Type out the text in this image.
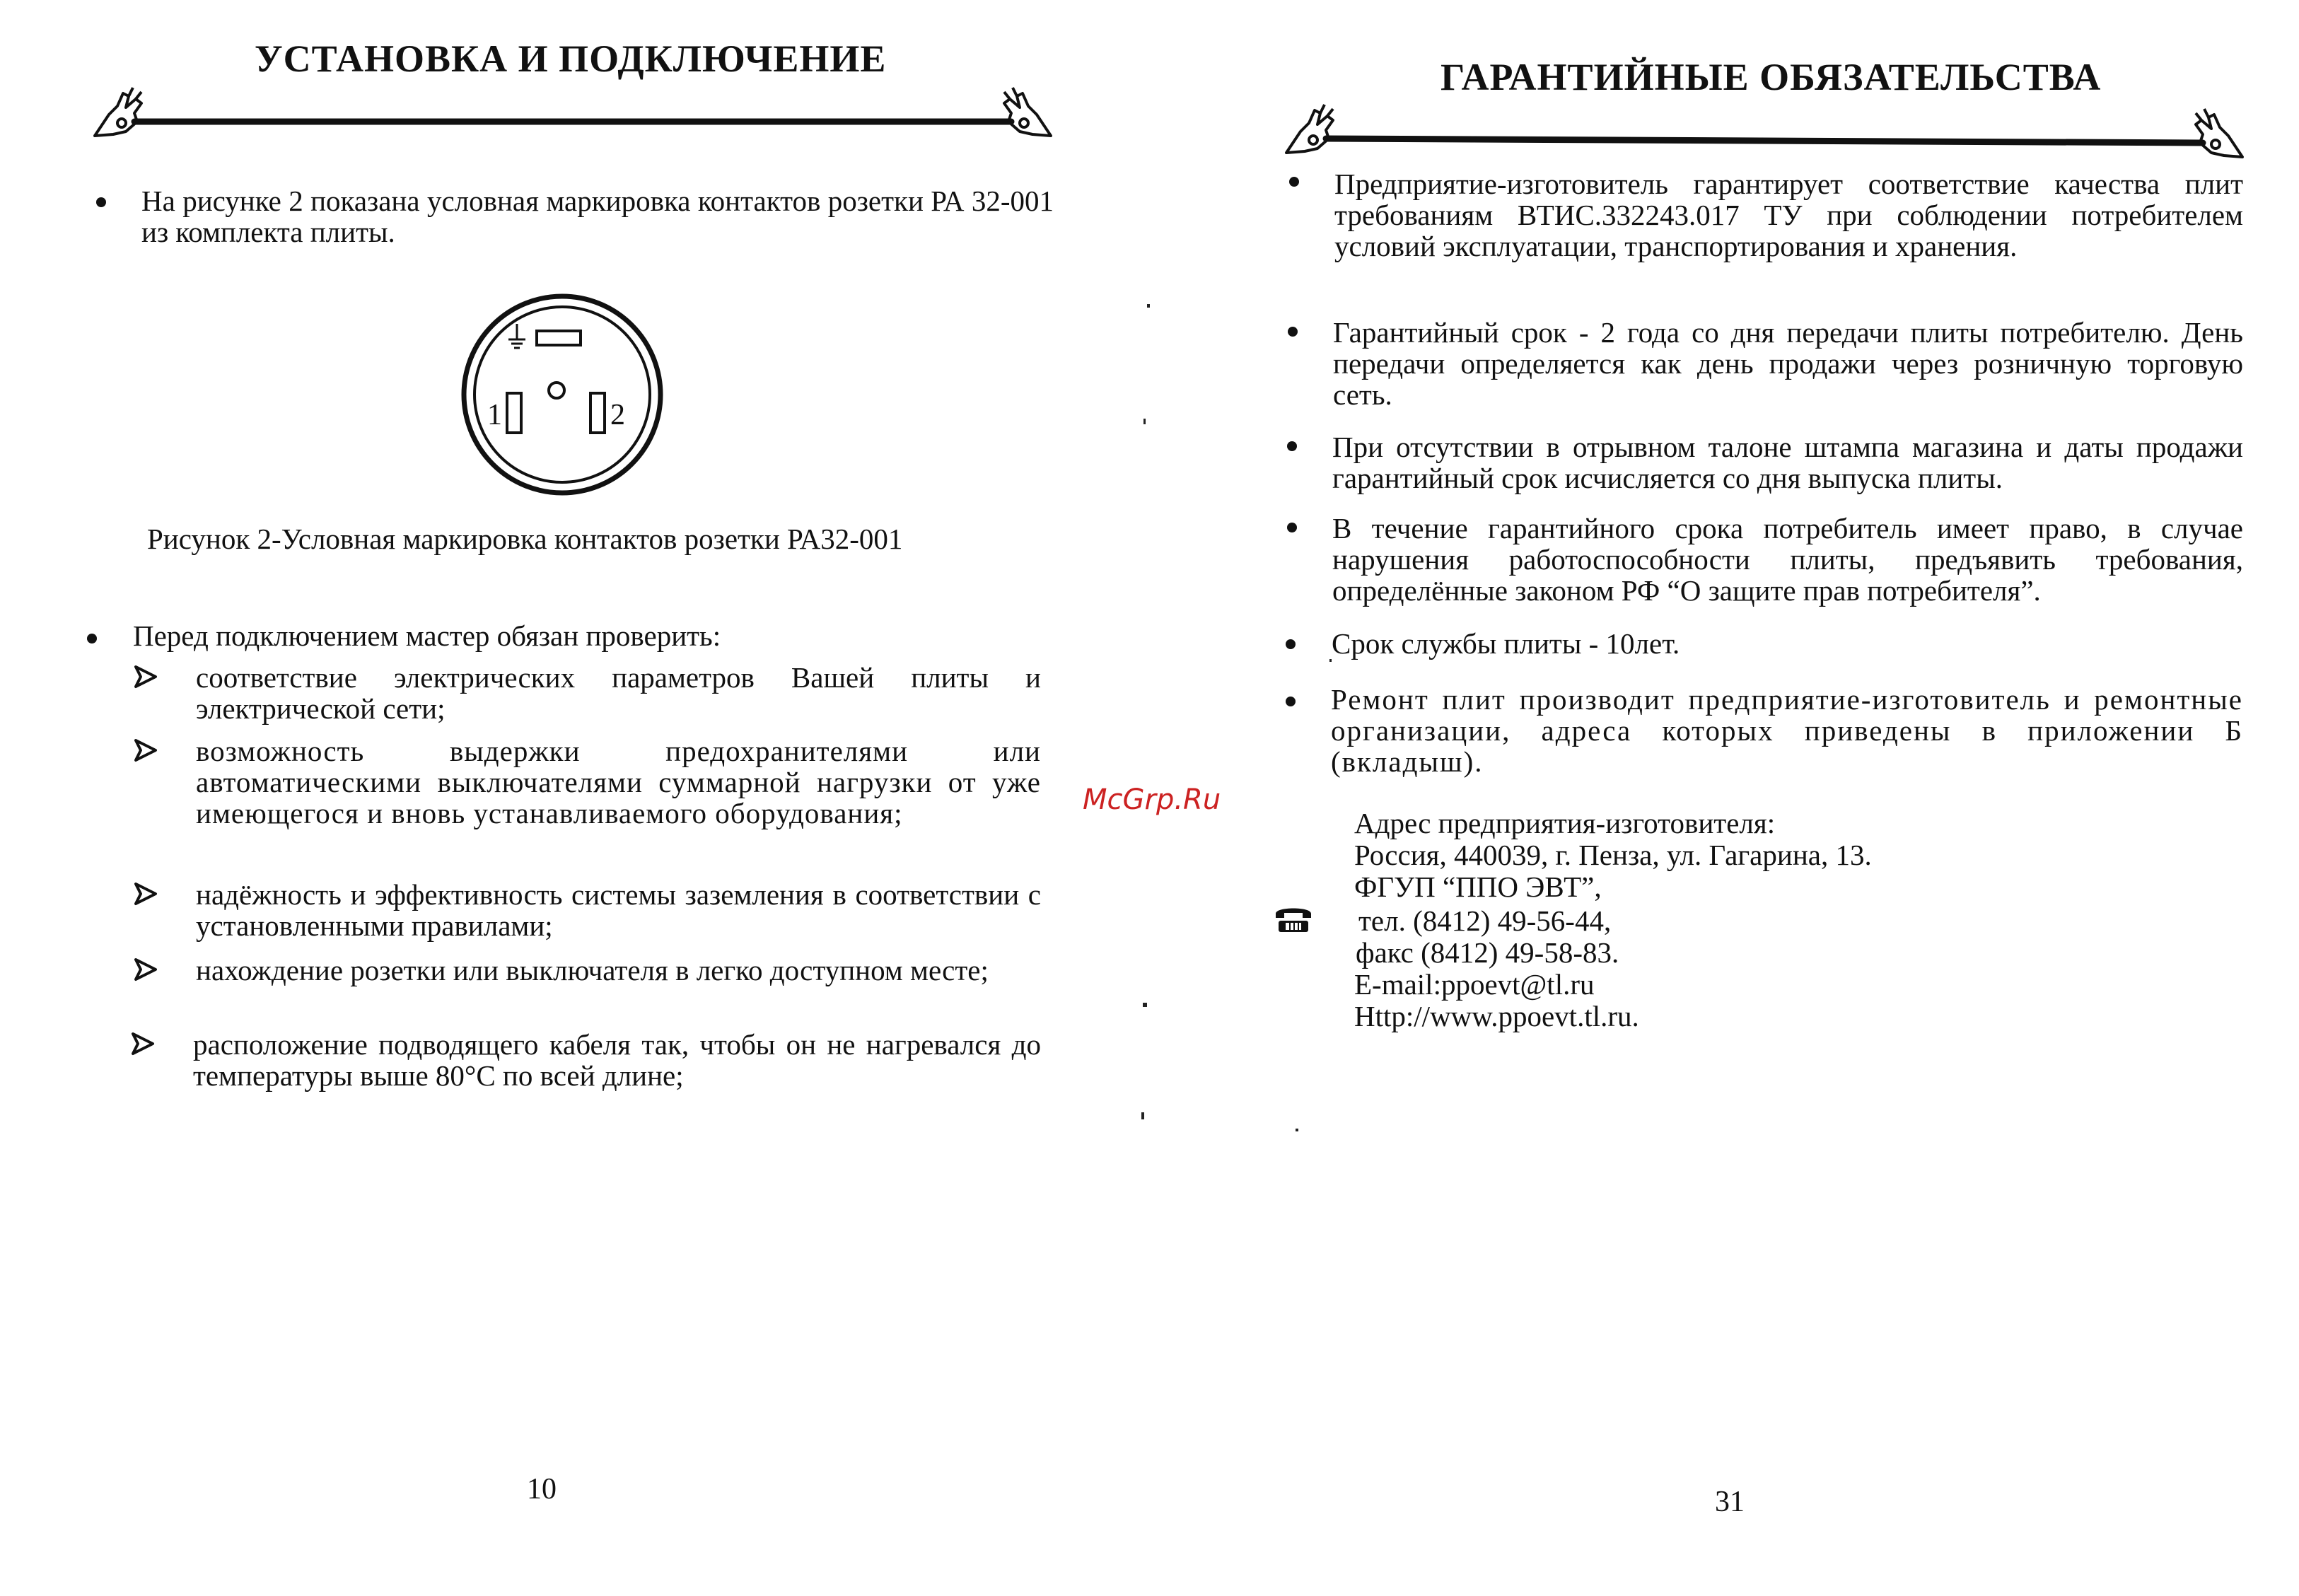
УСТАНОВКА И ПОДКЛЮЧЕНИЕ

На рисунке 2 показана условная маркировка контактов розетки РА 32-001 из комплекта плиты.

1	2
Рисунок 2-Условная маркировка контактов розетки РА32-001

Перед подключением мастер обязан проверить:

соответствие электрических параметров Вашей плиты и электрической сети;

возможность выдержки предохранителями или автоматическими выключателями суммарной нагрузки от уже имеющегося и вновь устанавливаемого оборудования;

надёжность и эффективность системы заземления в соответствии с установленными правилами;

нахождение розетки или выключателя в легко доступном месте;

расположение подводящего кабеля так, чтобы он не нагревался до температуры выше 80°С по всей длине;

10
ГАРАНТИЙНЫЕ ОБЯЗАТЕЛЬСТВА

Предприятие-изготовитель гарантирует соответствие качества плит требованиям ВТИС.332243.017 ТУ при соблюдении потребителем условий эксплуатации, транспортирования и хранения.

Гарантийный срок - 2 года со дня передачи плиты потребителю. День передачи определяется как день продажи через розничную торговую сеть.

При отсутствии в отрывном талоне штампа магазина и даты продажи гарантийный срок исчисляется со дня выпуска плиты.

В течение гарантийного срока потребитель имеет право, в случае нарушения работоспособности плиты, предъявить требования, определённые законом РФ “О защите прав потребителя”.

Срок службы плиты - 10лет.

Ремонт плит производит предприятие-изготовитель и ремонтные организации, адреса которых приведены в приложении Б (вкладыш).

Адрес предприятия-изготовителя:
Россия, 440039, г. Пенза, ул. Гагарина, 13.
ФГУП “ППО ЭВТ”,
тел. (8412) 49-56-44,
факс (8412) 49-58-83.
E-mail:ppoevt@tl.ru
Http://www.ppoevt.tl.ru.
31
McGrp.Ru
